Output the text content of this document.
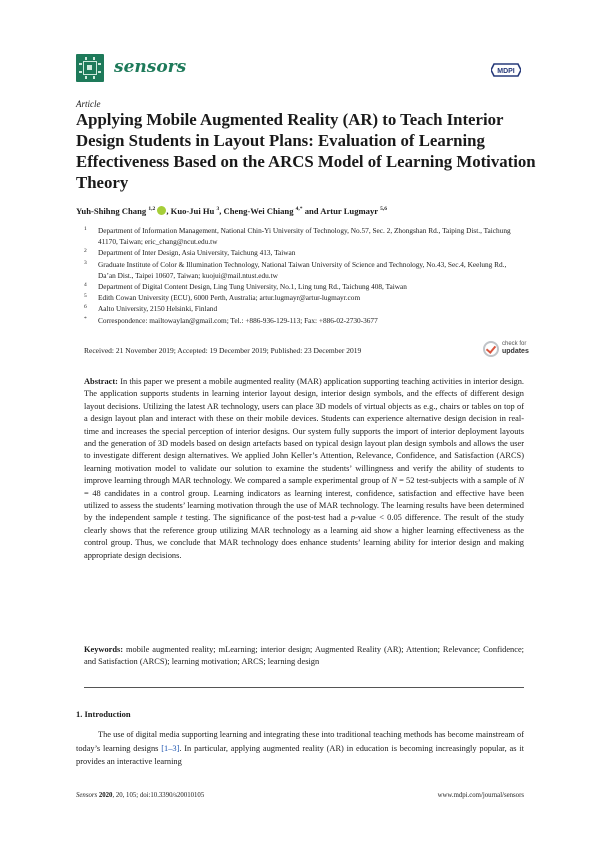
sensors	MDPI
Article
Applying Mobile Augmented Reality (AR) to Teach Interior Design Students in Layout Plans: Evaluation of Learning Effectiveness Based on the ARCS Model of Learning Motivation Theory
Yuh-Shihng Chang $^{1,2}$ , Kuo-Jui Hu $^3$, Cheng-Wei Chiang $^{4,*}$ and Artur Lugmayr $^{5,6}$
1 Department of Information Management, National Chin-Yi University of Technology, No.57, Sec. 2, Zhongshan Rd., Taiping Dist., Taichung 41170, Taiwan; eric_chang@ncut.edu.tw
2 Department of Inter Design, Asia University, Taichung 413, Taiwan
3 Graduate Institute of Color & Illumination Technology, National Taiwan University of Science and Technology, No.43, Sec.4, Keelung Rd., Da’an Dist., Taipei 10607, Taiwan; kuojui@mail.ntust.edu.tw
4 Department of Digital Content Design, Ling Tung University, No.1, Ling tung Rd., Taichung 408, Taiwan
5 Edith Cowan University (ECU), 6000 Perth, Australia; artur.lugmayr@artur-lugmayr.com
6 Aalto University, 2150 Helsinki, Finland
* Correspondence: mailtowaylan@gmail.com; Tel.: +886-936-129-113; Fax: +886-02-2730-3677
Received: 21 November 2019; Accepted: 19 December 2019; Published: 23 December 2019
check for
updates
Abstract: In this paper we present a mobile augmented reality (MAR) application supporting teaching activities in interior design. The application supports students in learning interior layout design, interior design symbols, and the effects of different design layout decisions. Utilizing the latest AR technology, users can place 3D models of virtual objects as e.g., chairs or tables on top of a design layout plan and interact with these on their mobile devices. Students can experience alternative design decision in real-time and increases the special perception of interior designs. Our system fully supports the import of interior deployment layouts and the generation of 3D models based on design artefacts based on typical design layout plan design symbols and allows the user to investigate different design alternatives. We applied John Keller’s Attention, Relevance, Confidence, and Satisfaction (ARCS) learning motivation model to validate our solution to examine the students’ willingness and verify the ability of students to improve learning through MAR technology. We compared a sample experimental group of N = 52 test-subjects with a sample of N = 48 candidates in a control group. Learning indicators as learning interest, confidence, satisfaction and effective have been utilized to assess the students’ learning motivation through the use of MAR technology. The learning results have been determined by the independent sample t testing. The significance of the post-test had a p-value < 0.05 difference. The result of the study clearly shows that the reference group utilizing MAR technology as a learning aid show a higher learning effectiveness as the control group. Thus, we conclude that MAR technology does enhance students’ learning ability for interior design and making appropriate design decisions.
Keywords: mobile augmented reality; mLearning; interior design; Augmented Reality (AR); Attention; Relevance; Confidence; and Satisfaction (ARCS); learning motivation; ARCS; learning design
1. Introduction
The use of digital media supporting learning and integrating these into traditional teaching methods has become mainstream of today’s learning designs [1–3]. In particular, applying augmented reality (AR) in education is becoming increasingly popular, as it provides an interactive learning
Sensors 2020, 20, 105; doi:10.3390/s20010105	www.mdpi.com/journal/sensors
